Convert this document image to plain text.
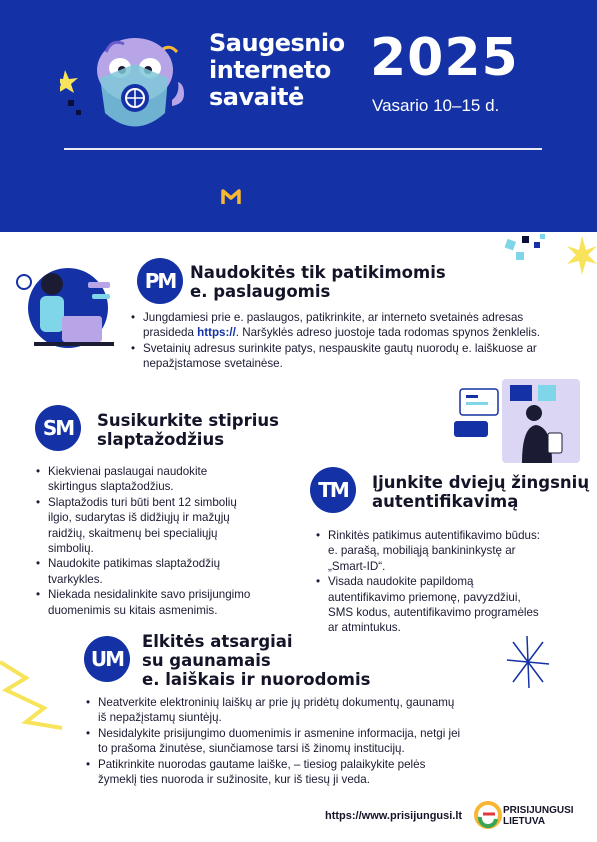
Saugesnio
interneto
savaitė
2025
Vasario 10–15 d.
PM Naudokitės tik patikimomis
e. paslaugomis
• Jungdamiesi prie e. paslaugos, patikrinkite, ar interneto svetainės adresas
prasideda https://. Naršyklės adreso juostoje tada rodomas spynos ženklelis.
• Svetainių adresus surinkite patys, nespauskite gautų nuorodų e. laiškuose ar
nepažįstamose svetainėse.
SM	Susikurkite stiprius
slaptažodžius
• Kiekvienai paslaugai naudokite
skirtingus slaptažodžius.
• Slaptažodis turi būti bent 12 simbolių
ilgio, sudarytas iš didžiųjų ir mažųjų
raidžių, skaitmenų bei specialiųjų
simbolių.
• Naudokite patikimas slaptažodžių
tvarkykles.
• Niekada nesidalinkite savo prisijungimo
duomenimis su kitais asmenimis.
TM	Įjunkite dviejų žingsnių
autentifikavimą
• Rinkitės patikimus autentifikavimo būdus:
e. parašą, mobiliąją bankininkystę ar
„Smart-ID“.
• Visada naudokite papildomą
autentifikavimo priemonę, pavyzdžiui,
SMS kodus, autentifikavimo programėles
ar atmintukus.
UM
Elkitės atsargiai
su gaunamais
e. laiškais ir nuorodomis
• Neatverkite elektroninių laiškų ar prie jų pridėtų dokumentų, gaunamų
iš nepažįstamų siuntėjų.
• Nesidalykite prisijungimo duomenimis ir asmenine informacija, netgi jei
to prašoma žinutėse, siunčiamose tarsi iš žinomų institucijų.
• Patikrinkite nuorodas gautame laiške, – tiesiog palaikykite pelės
žymeklį ties nuoroda ir sužinosite, kur iš tiesų ji veda.
https://www.prisijungusi.lt	PRISIJUNGUSI
LIETUVA
